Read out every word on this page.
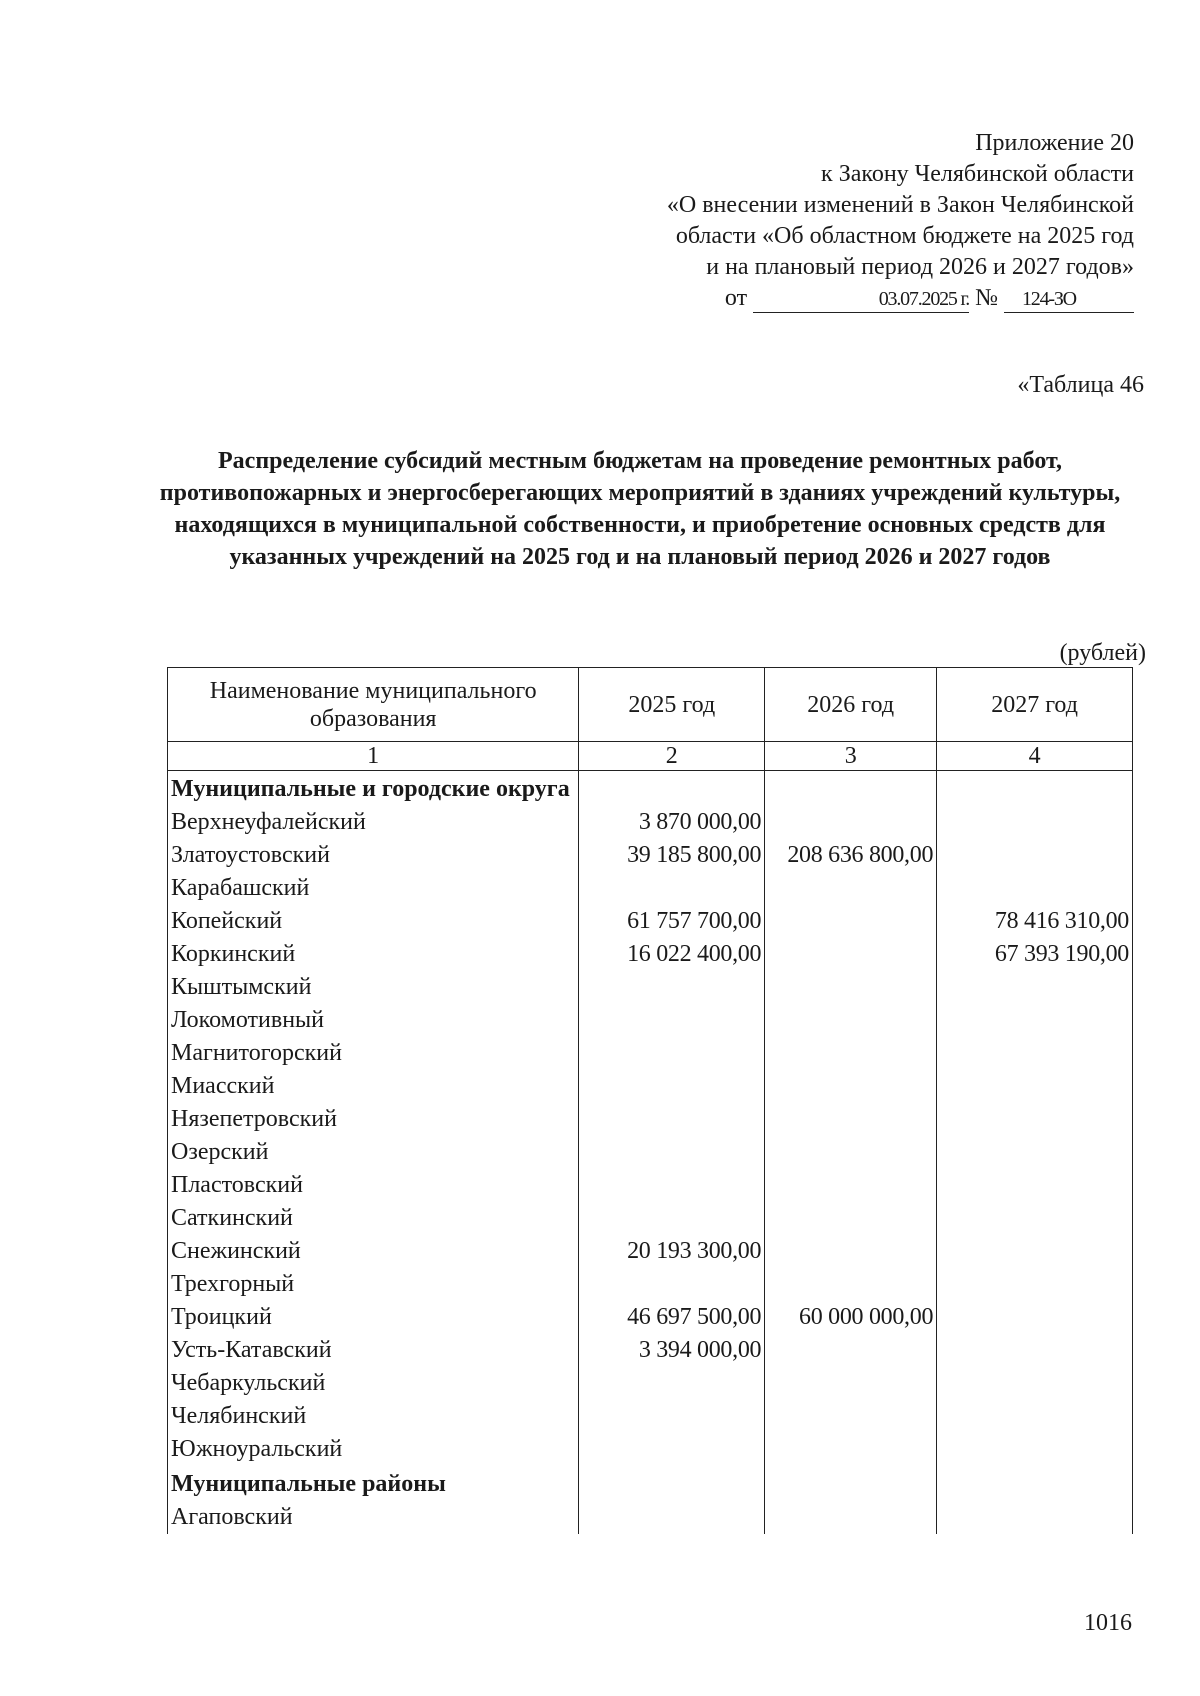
Приложение 20
к Закону Челябинской области
«О внесении изменений в Закон Челябинской
области «Об областном бюджете на 2025 год
и на плановый период 2026 и 2027 годов»
от	03.07.2025 г. № 124-ЗО
«Таблица 46
Распределение субсидий местным бюджетам на проведение ремонтных работ, противопожарных и энергосберегающих мероприятий в зданиях учреждений культуры, находящихся в муниципальной собственности, и приобретение основных средств для указанных учреждений на 2025 год и на плановый период 2026 и 2027 годов
(рублей)
Наименование муниципального образования	2025 год	2026 год	2027 год
1	2	3	4
Муниципальные и городские округа			
Верхнеуфалейский	3 870 000,00		
Златоустовский	39 185 800,00	208 636 800,00	
Карабашский			
Копейский	61 757 700,00		78 416 310,00
Коркинский	16 022 400,00		67 393 190,00
Кыштымский			
Локомотивный			
Магнитогорский			
Миасский			
Нязепетровский			
Озерский			
Пластовский			
Саткинский			
Снежинский	20 193 300,00		
Трехгорный			
Троицкий	46 697 500,00	60 000 000,00	
Усть-Катавский	3 394 000,00		
Чебаркульский			
Челябинский			
Южноуральский			
Муниципальные районы			
Агаповский			
1016
